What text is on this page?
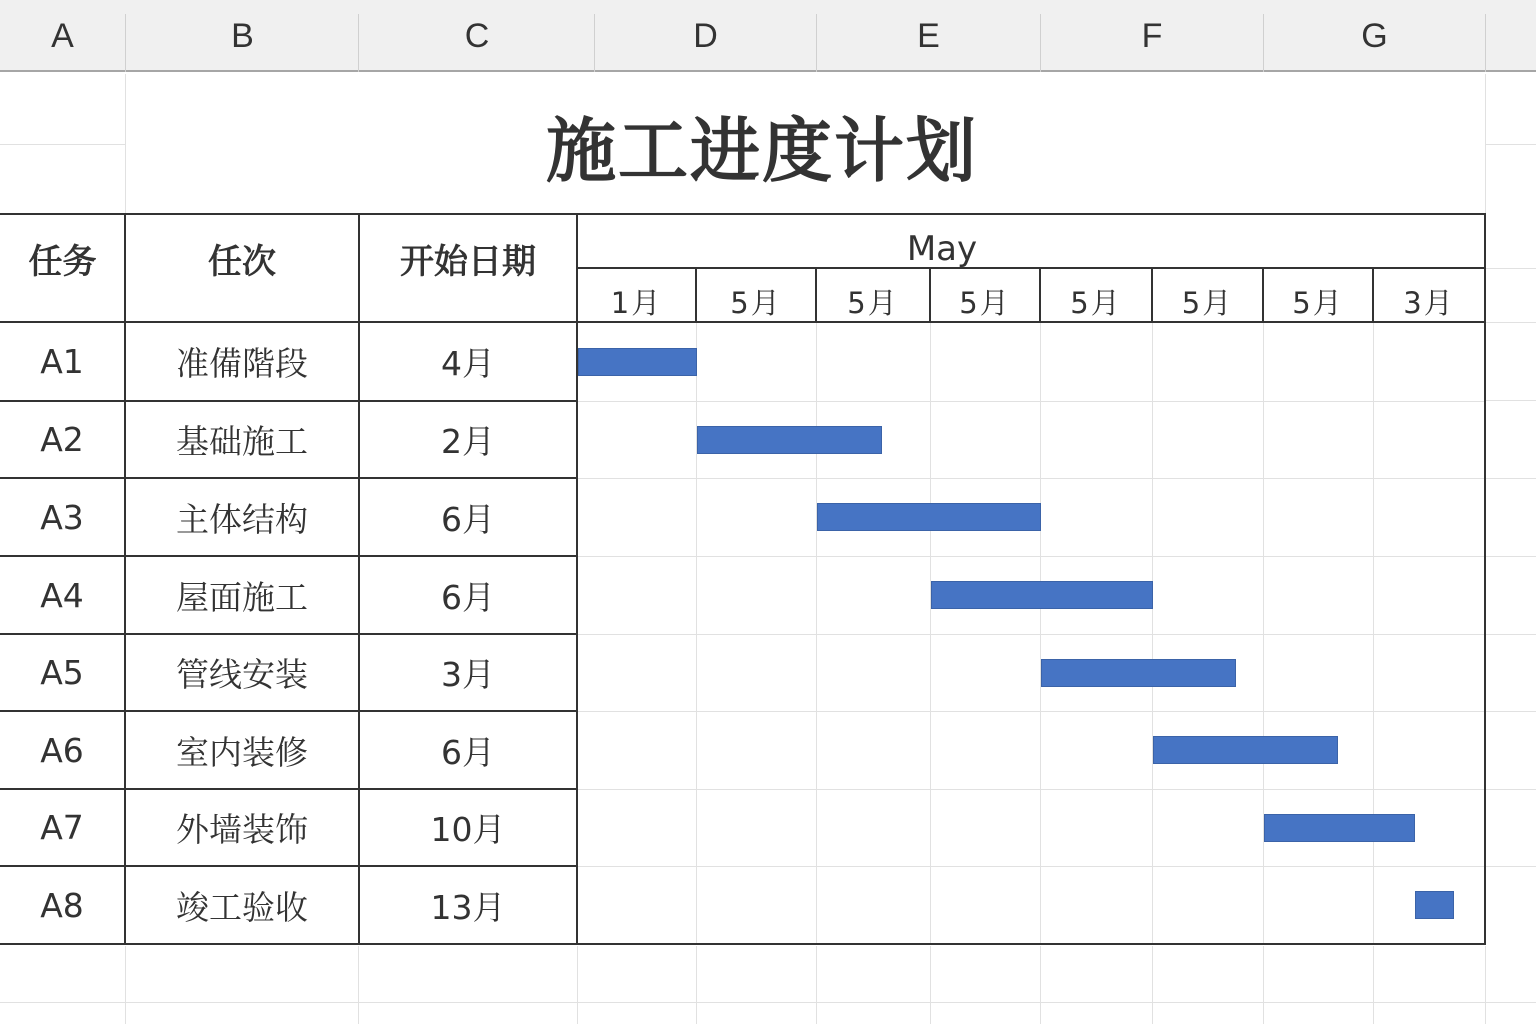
A	B	C	D	E	F	G
施工进度计划
任务	任次	开始日期	May
1月	5月	5月	5月	5月	5月	5月	3月
A1	准備階段	4月
A2	基础施工	2月
A3	主体结构	6月
A4	屋面施工	6月
A5	管线安装	3月
A6	室内装修	6月
A7	外墙装饰	10月
A8	竣工验收	13月
